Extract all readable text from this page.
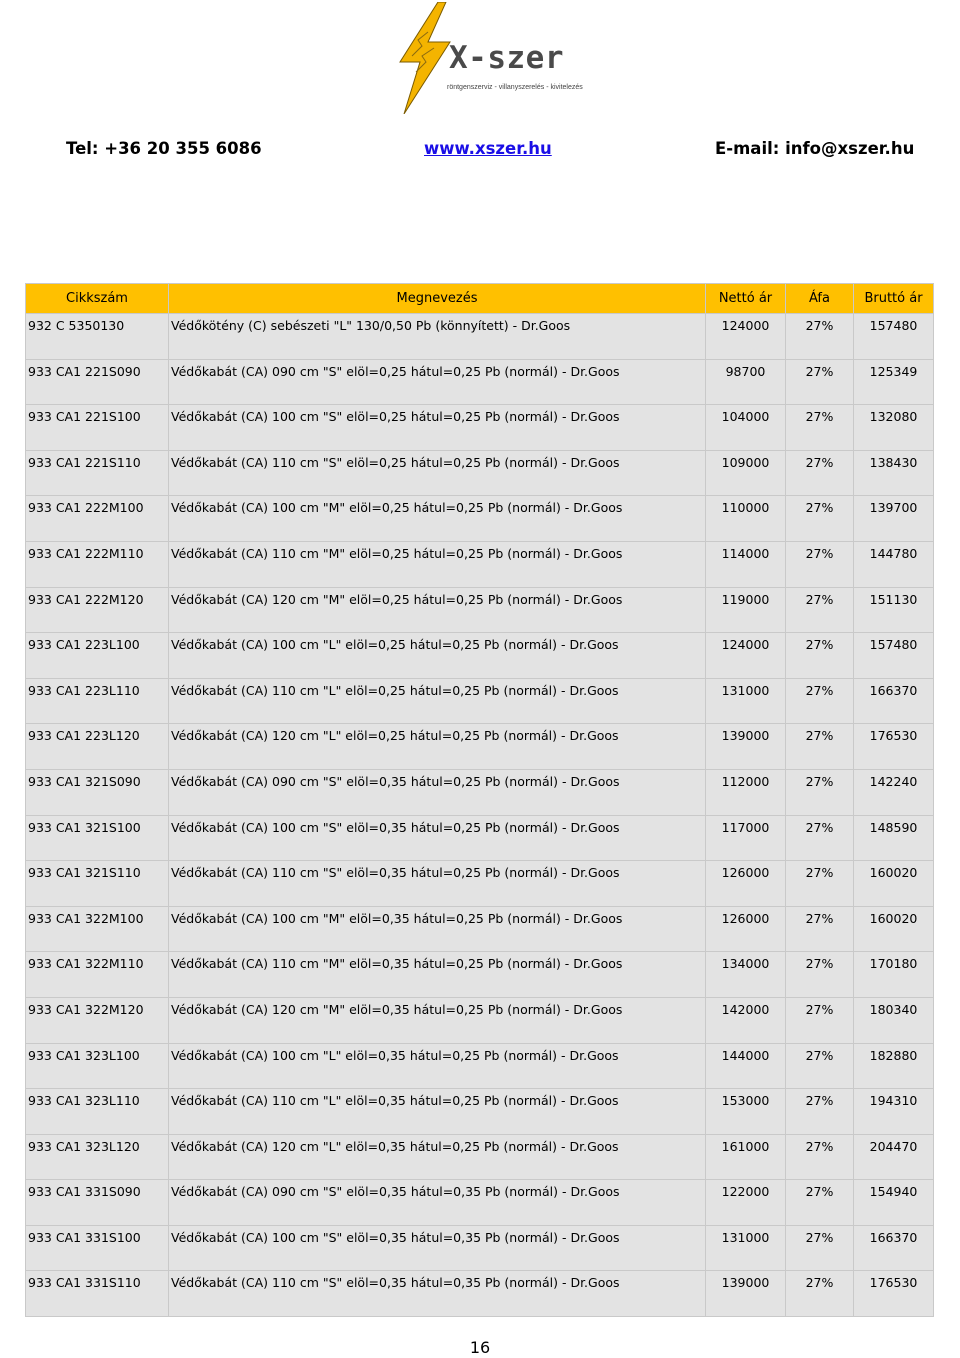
X-szer
röntgenszerviz - villanyszerelés - kivitelezés
Tel: +36 20 355 6086	www.xszer.hu	E-mail: info@xszer.hu
Cikkszám	Megnevezés	Nettó ár	Áfa	Bruttó ár
932 C 5350130	Védőkötény (C) sebészeti "L" 130/0,50 Pb (könnyített) - Dr.Goos	124000	27%	157480
933 CA1 221S090	Védőkabát (CA) 090 cm "S" elöl=0,25 hátul=0,25 Pb (normál) - Dr.Goos	98700	27%	125349
933 CA1 221S100	Védőkabát (CA) 100 cm "S" elöl=0,25 hátul=0,25 Pb (normál) - Dr.Goos	104000	27%	132080
933 CA1 221S110	Védőkabát (CA) 110 cm "S" elöl=0,25 hátul=0,25 Pb (normál) - Dr.Goos	109000	27%	138430
933 CA1 222M100	Védőkabát (CA) 100 cm "M" elöl=0,25 hátul=0,25 Pb (normál) - Dr.Goos	110000	27%	139700
933 CA1 222M110	Védőkabát (CA) 110 cm "M" elöl=0,25 hátul=0,25 Pb (normál) - Dr.Goos	114000	27%	144780
933 CA1 222M120	Védőkabát (CA) 120 cm "M" elöl=0,25 hátul=0,25 Pb (normál) - Dr.Goos	119000	27%	151130
933 CA1 223L100	Védőkabát (CA) 100 cm "L" elöl=0,25 hátul=0,25 Pb (normál) - Dr.Goos	124000	27%	157480
933 CA1 223L110	Védőkabát (CA) 110 cm "L" elöl=0,25 hátul=0,25 Pb (normál) - Dr.Goos	131000	27%	166370
933 CA1 223L120	Védőkabát (CA) 120 cm "L" elöl=0,25 hátul=0,25 Pb (normál) - Dr.Goos	139000	27%	176530
933 CA1 321S090	Védőkabát (CA) 090 cm "S" elöl=0,35 hátul=0,25 Pb (normál) - Dr.Goos	112000	27%	142240
933 CA1 321S100	Védőkabát (CA) 100 cm "S" elöl=0,35 hátul=0,25 Pb (normál) - Dr.Goos	117000	27%	148590
933 CA1 321S110	Védőkabát (CA) 110 cm "S" elöl=0,35 hátul=0,25 Pb (normál) - Dr.Goos	126000	27%	160020
933 CA1 322M100	Védőkabát (CA) 100 cm "M" elöl=0,35 hátul=0,25 Pb (normál) - Dr.Goos	126000	27%	160020
933 CA1 322M110	Védőkabát (CA) 110 cm "M" elöl=0,35 hátul=0,25 Pb (normál) - Dr.Goos	134000	27%	170180
933 CA1 322M120	Védőkabát (CA) 120 cm "M" elöl=0,35 hátul=0,25 Pb (normál) - Dr.Goos	142000	27%	180340
933 CA1 323L100	Védőkabát (CA) 100 cm "L" elöl=0,35 hátul=0,25 Pb (normál) - Dr.Goos	144000	27%	182880
933 CA1 323L110	Védőkabát (CA) 110 cm "L" elöl=0,35 hátul=0,25 Pb (normál) - Dr.Goos	153000	27%	194310
933 CA1 323L120	Védőkabát (CA) 120 cm "L" elöl=0,35 hátul=0,25 Pb (normál) - Dr.Goos	161000	27%	204470
933 CA1 331S090	Védőkabát (CA) 090 cm "S" elöl=0,35 hátul=0,35 Pb (normál) - Dr.Goos	122000	27%	154940
933 CA1 331S100	Védőkabát (CA) 100 cm "S" elöl=0,35 hátul=0,35 Pb (normál) - Dr.Goos	131000	27%	166370
933 CA1 331S110	Védőkabát (CA) 110 cm "S" elöl=0,35 hátul=0,35 Pb (normál) - Dr.Goos	139000	27%	176530
16
